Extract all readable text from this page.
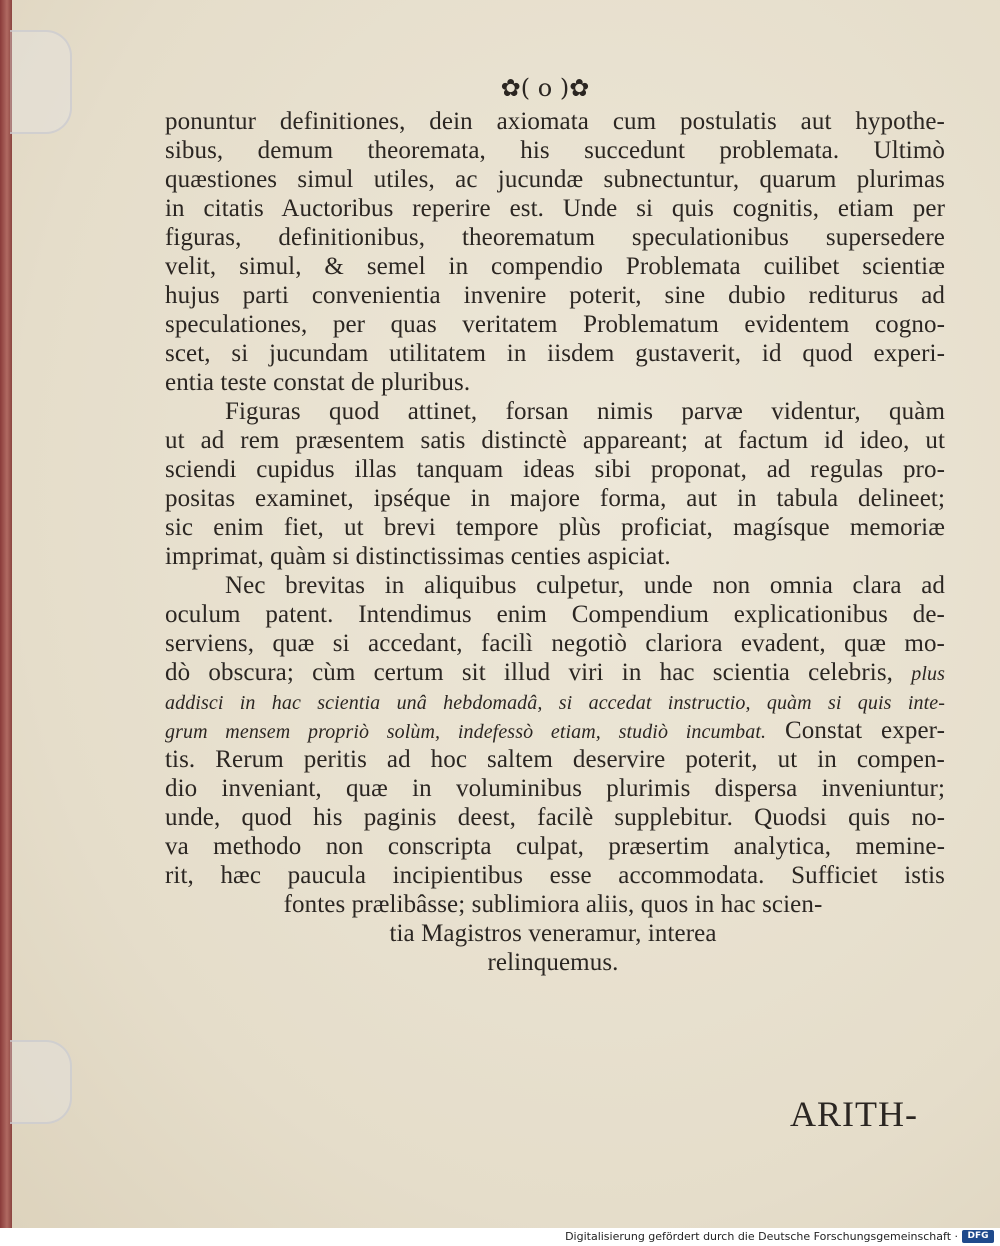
✿( o )✿
ponuntur definitiones, dein axiomata cum postulatis aut hypothe-
sibus, demum theoremata, his succedunt problemata. Ultimò
quæstiones simul utiles, ac jucundæ subnectuntur, quarum plurimas
in citatis Auctoribus reperire est. Unde si quis cognitis, etiam per
figuras, definitionibus, theorematum speculationibus supersedere
velit, simul, & semel in compendio Problemata cuilibet scientiæ
hujus parti convenientia invenire poterit, sine dubio rediturus ad
speculationes, per quas veritatem Problematum evidentem cogno-
scet, si jucundam utilitatem in iisdem gustaverit, id quod experi-
entia teste constat de pluribus.
Figuras quod attinet, forsan nimis parvæ videntur, quàm
ut ad rem præsentem satis distinctè appareant; at factum id ideo, ut
sciendi cupidus illas tanquam ideas sibi proponat, ad regulas pro-
positas examinet, ipséque in majore forma, aut in tabula delineet;
sic enim fiet, ut brevi tempore plùs proficiat, magísque memoriæ
imprimat, quàm si distinctissimas centies aspiciat.
Nec brevitas in aliquibus culpetur, unde non omnia clara ad
oculum patent. Intendimus enim Compendium explicationibus de-
serviens, quæ si accedant, facilì negotiò clariora evadent, quæ mo-
dò obscura; cùm certum sit illud viri in hac scientia celebris, plus
addisci in hac scientia unâ hebdomadâ, si accedat instructio, quàm si quis inte-
grum mensem propriò solùm, indefessò etiam, studiò incumbat. Constat exper-
tis. Rerum peritis ad hoc saltem deservire poterit, ut in compen-
dio inveniant, quæ in voluminibus plurimis dispersa inveniuntur;
unde, quod his paginis deest, facilè supplebitur. Quodsi quis no-
va methodo non conscripta culpat, præsertim analytica, memine-
rit, hæc paucula incipientibus esse accommodata. Sufficiet istis
fontes prælibâsse; sublimiora aliis, quos in hac scien-
tia Magistros veneramur, interea
relinquemus.
ARITH-
Digitalisierung gefördert durch die Deutsche Forschungsgemeinschaft ·	DFG
